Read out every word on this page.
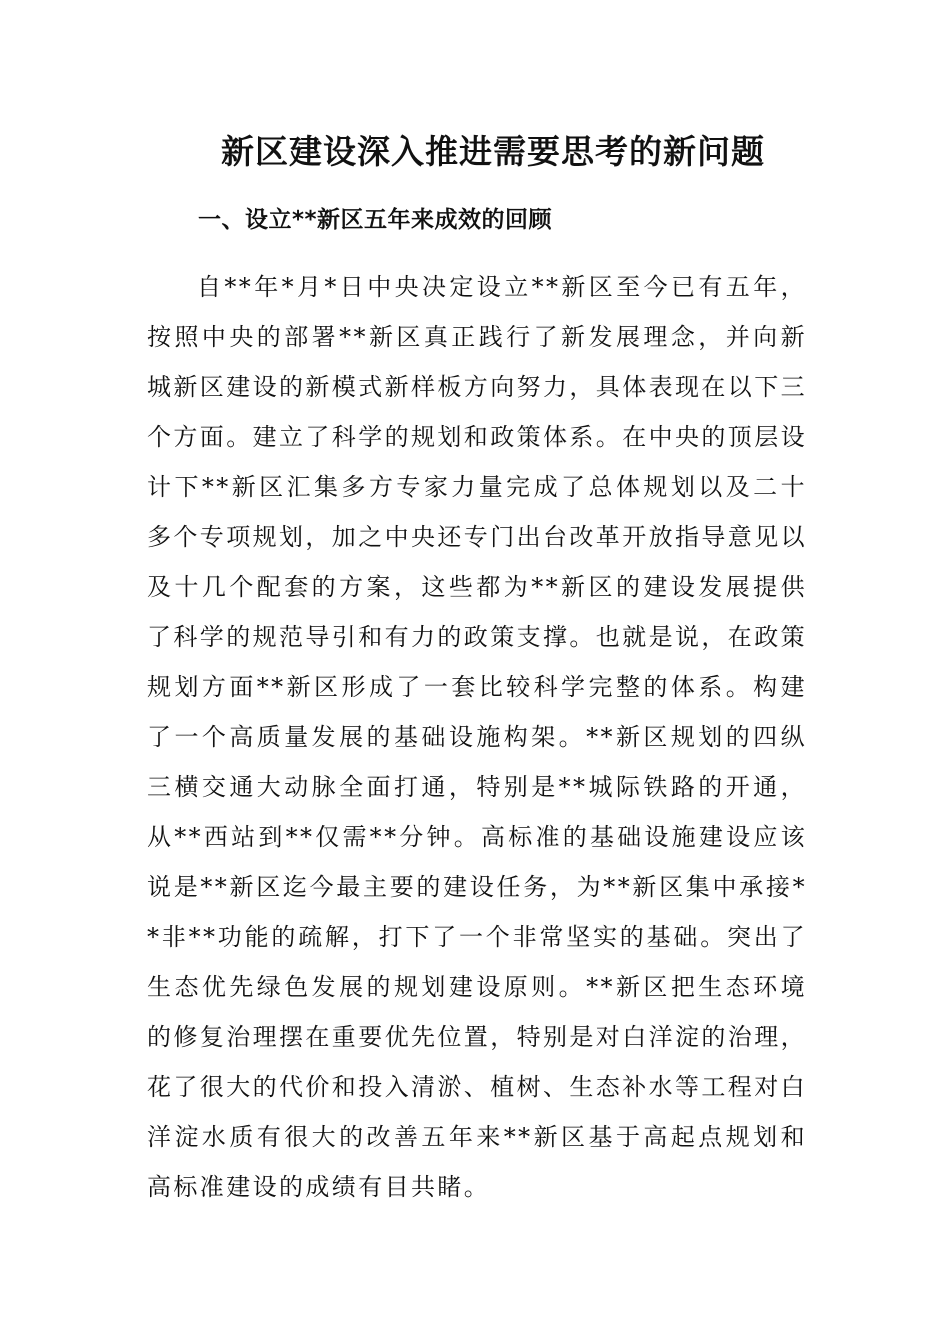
新区建设深入推进需要思考的新问题
一、设立**新区五年来成效的回顾

自**年*月*日中央决定设立**新区至今已有五年，按照中央的部署**新区真正践行了新发展理念，并向新城新区建设的新模式新样板方向努力，具体表现在以下三个方面。建立了科学的规划和政策体系。在中央的顶层设计下**新区汇集多方专家力量完成了总体规划以及二十多个专项规划，加之中央还专门出台改革开放指导意见以及十几个配套的方案，这些都为**新区的建设发展提供了科学的规范导引和有力的政策支撑。也就是说，在政策规划方面**新区形成了一套比较科学完整的体系。构建了一个高质量发展的基础设施构架。**新区规划的四纵三横交通大动脉全面打通，特别是**城际铁路的开通，从**西站到**仅需**分钟。高标准的基础设施建设应该说是**新区迄今最主要的建设任务，为**新区集中承接**非**功能的疏解，打下了一个非常坚实的基础。突出了生态优先绿色发展的规划建设原则。**新区把生态环境的修复治理摆在重要优先位置，特别是对白洋淀的治理，花了很大的代价和投入清淤、植树、生态补水等工程对白洋淀水质有很大的改善五年来**新区基于高起点规划和高标准建设的成绩有目共睹。
